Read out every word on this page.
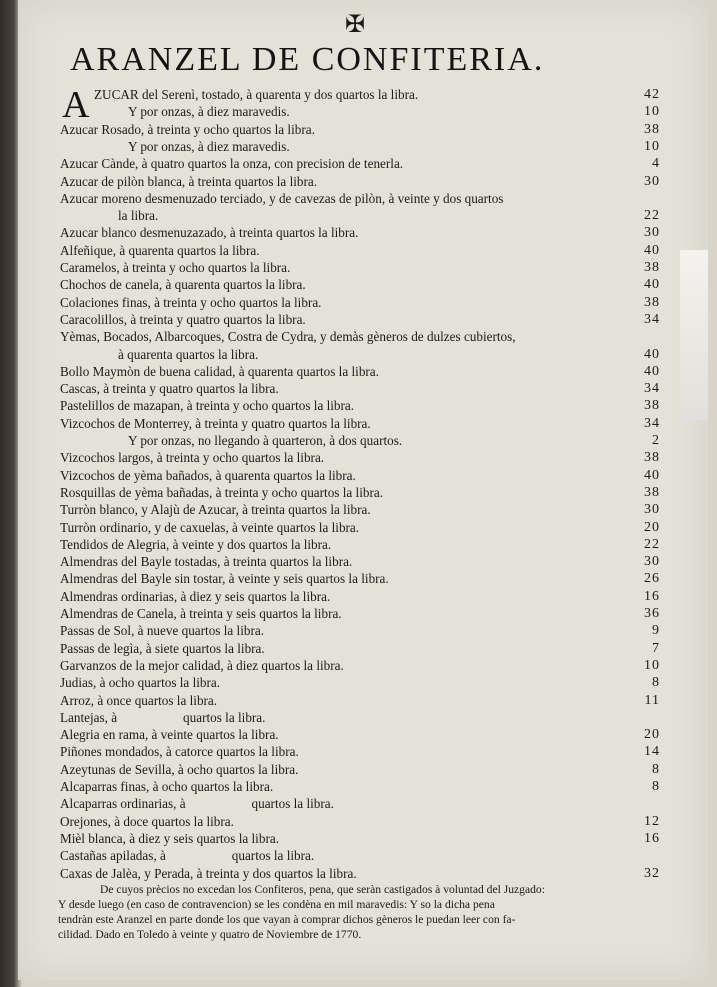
✠
ARANZEL DE CONFITERIA.
A ZUCAR del Serenì, tostado, à quarenta y dos quartos la libra.	42
Y por onzas, à diez maravedis.	10
Azucar Rosado, à treinta y ocho quartos la libra.	38
Y por onzas, à diez maravedis.	10
Azucar Cànde, à quatro quartos la onza, con precision de tenerla.	4
Azucar de pilòn blanca, à treinta quartos la libra.	30
Azucar moreno desmenuzado terciado, y de cavezas de pilòn, à veinte y dos quartos
la libra.	22
Azucar blanco desmenuzazado, à treinta quartos la libra.	30
Alfeñique, à quarenta quartos la libra.	40
Caramelos, à treinta y ocho quartos la libra.	38
Chochos de canela, à quarenta quartos la libra.	40
Colaciones finas, à treinta y ocho quartos la libra.	38
Caracolillos, à treinta y quatro quartos la libra.	34
Yèmas, Bocados, Albarcoques, Costra de Cydra, y demàs gèneros de dulzes cubiertos,
à quarenta quartos la libra.	40
Bollo Maymòn de buena calidad, à quarenta quartos la libra.	40
Cascas, à treinta y quatro quartos la libra.	34
Pastelillos de mazapan, à treinta y ocho quartos la libra.	38
Vizcochos de Monterrey, à treinta y quatro quartos la libra.	34
Y por onzas, no llegando à quarteron, à dos quartos.	2
Vizcochos largos, à treinta y ocho quartos la libra.	38
Vizcochos de yèma bañados, à quarenta quartos la libra.	40
Rosquillas de yèma bañadas, à treinta y ocho quartos la libra.	38
Turròn blanco, y Alajù de Azucar, à treinta quartos la libra.	30
Turròn ordinario, y de caxuelas, à veinte quartos la libra.	20
Tendidos de Alegria, à veinte y dos quartos la libra.	22
Almendras del Bayle tostadas, à treinta quartos la libra.	30
Almendras del Bayle sin tostar, à veinte y seis quartos la libra.	26
Almendras ordinarias, à diez y seis quartos la libra.	16
Almendras de Canela, à treinta y seis quartos la libra.	36
Passas de Sol, à nueve quartos la libra.	9
Passas de legìa, à siete quartos la libra.	7
Garvanzos de la mejor calidad, à diez quartos la libra.	10
Judias, à ocho quartos la libra.	8
Arroz, à once quartos la libra.	11
Lantejas, à                    quartos la libra.
Alegria en rama, à veinte quartos la libra.	20
Piñones mondados, à catorce quartos la libra.	14
Azeytunas de Sevilla, à ocho quartos la libra.	8
Alcaparras finas, à ocho quartos la libra.	8
Alcaparras ordinarias, à                    quartos la libra.
Orejones, à doce quartos la libra.	12
Mièl blanca, à diez y seis quartos la libra.	16
Castañas apiladas, à                    quartos la libra.
Caxas de Jalèa, y Perada, à treinta y dos quartos la libra.	32

De cuyos prècios no excedan los Confiteros, pena, que seràn castigados à voluntad del Juzgado:

Y desde luego (en caso de contravencion) se les condèna en mil maravedis: Y so la dicha pena

tendràn este Aranzel en parte donde los que vayan à comprar dichos gèneros le puedan leer con fa-

cilidad. Dado en Toledo à veinte y quatro de Noviembre de 1770.
